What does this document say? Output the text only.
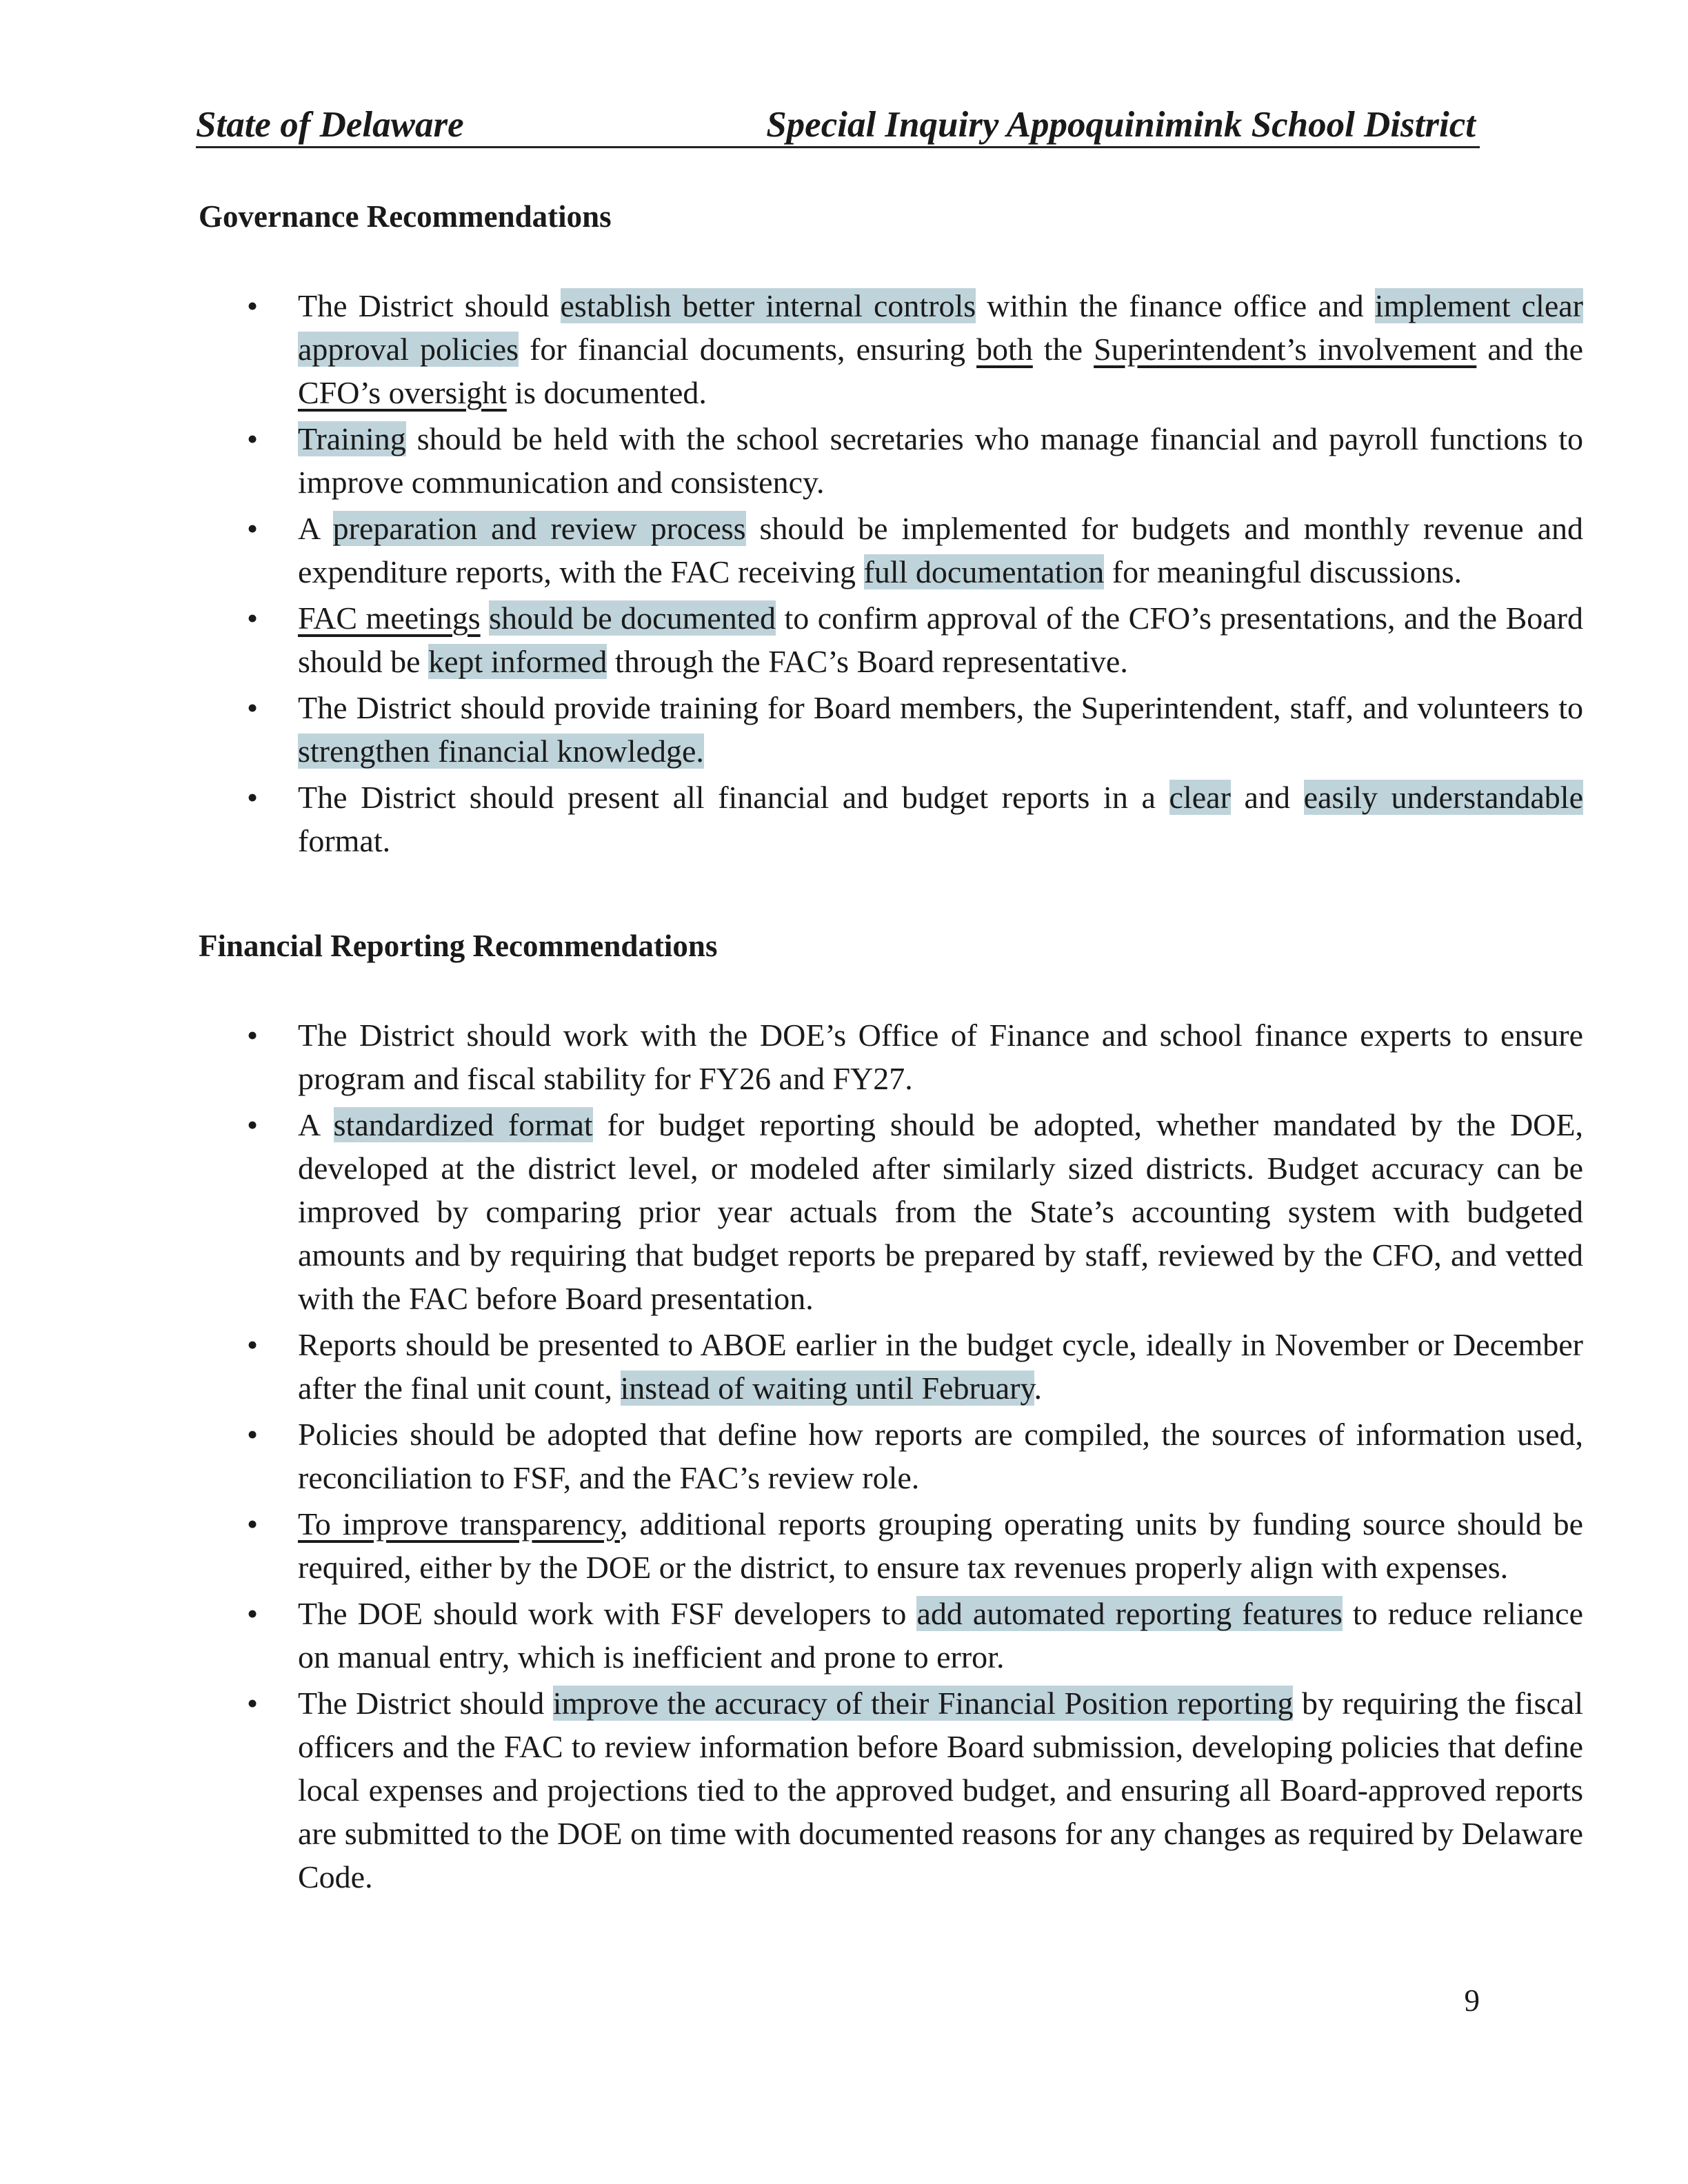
State of Delaware	Special Inquiry Appoquinimink School District
Governance Recommendations
• The District should establish better internal controls within the finance office and implement clear approval policies for financial documents, ensuring both the Superintendent’s involvement and the CFO’s oversight is documented.
• Training should be held with the school secretaries who manage financial and payroll functions to improve communication and consistency.
• A preparation and review process should be implemented for budgets and monthly revenue and expenditure reports, with the FAC receiving full documentation for meaningful discussions.
• FAC meetings should be documented to confirm approval of the CFO’s presentations, and the Board should be kept informed through the FAC’s Board representative.
• The District should provide training for Board members, the Superintendent, staff, and volunteers to strengthen financial knowledge.
• The District should present all financial and budget reports in a clear and easily understandable format.
Financial Reporting Recommendations
• The District should work with the DOE’s Office of Finance and school finance experts to ensure program and fiscal stability for FY26 and FY27.
• A standardized format for budget reporting should be adopted, whether mandated by the DOE, developed at the district level, or modeled after similarly sized districts. Budget accuracy can be improved by comparing prior year actuals from the State’s accounting system with budgeted amounts and by requiring that budget reports be prepared by staff, reviewed by the CFO, and vetted with the FAC before Board presentation.
• Reports should be presented to ABOE earlier in the budget cycle, ideally in November or December after the final unit count, instead of waiting until February.
• Policies should be adopted that define how reports are compiled, the sources of information used, reconciliation to FSF, and the FAC’s review role.
• To improve transparency, additional reports grouping operating units by funding source should be required, either by the DOE or the district, to ensure tax revenues properly align with expenses.
• The DOE should work with FSF developers to add automated reporting features to reduce reliance on manual entry, which is inefficient and prone to error.
• The District should improve the accuracy of their Financial Position reporting by requiring the fiscal officers and the FAC to review information before Board submission, developing policies that define local expenses and projections tied to the approved budget, and ensuring all Board-approved reports are submitted to the DOE on time with documented reasons for any changes as required by Delaware Code.
9
